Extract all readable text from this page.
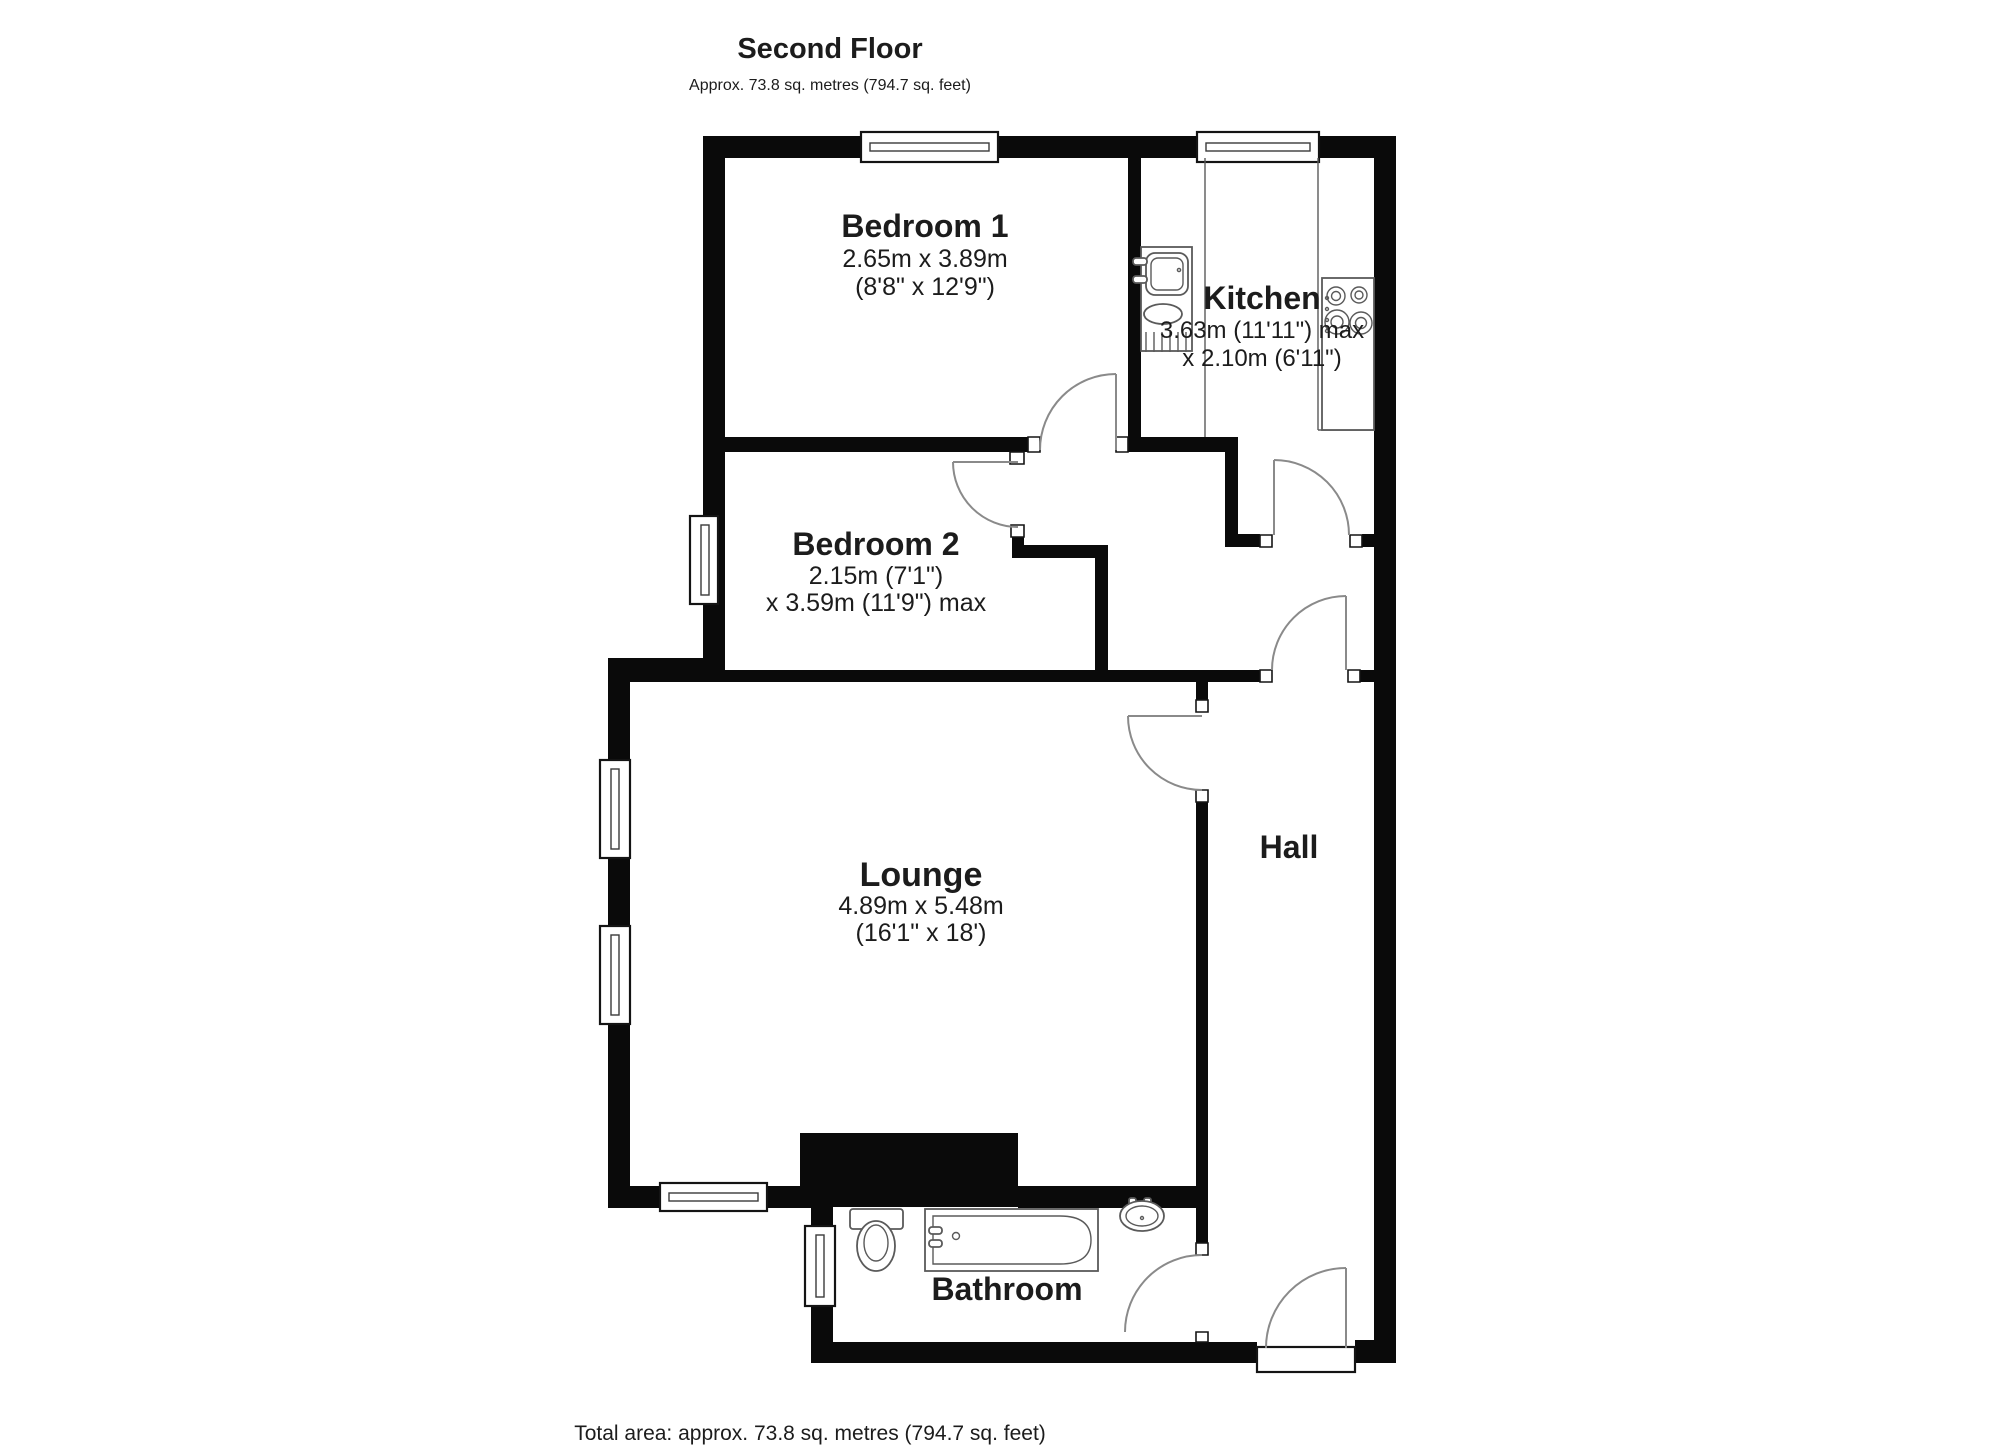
Second Floor
Approx. 73.8 sq. metres (794.7 sq. feet)
Bedroom 1
2.65m x 3.89m
(8'8" x 12'9")	Kitchen
3.63m (11'11") max
x 2.10m (6'11")
Bedroom 2
2.15m (7'1")
x 3.59m (11'9") max
Lounge
4.89m x 5.48m
(16'1" x 18')
Hall
Bathroom
Total area: approx. 73.8 sq. metres (794.7 sq. feet)
